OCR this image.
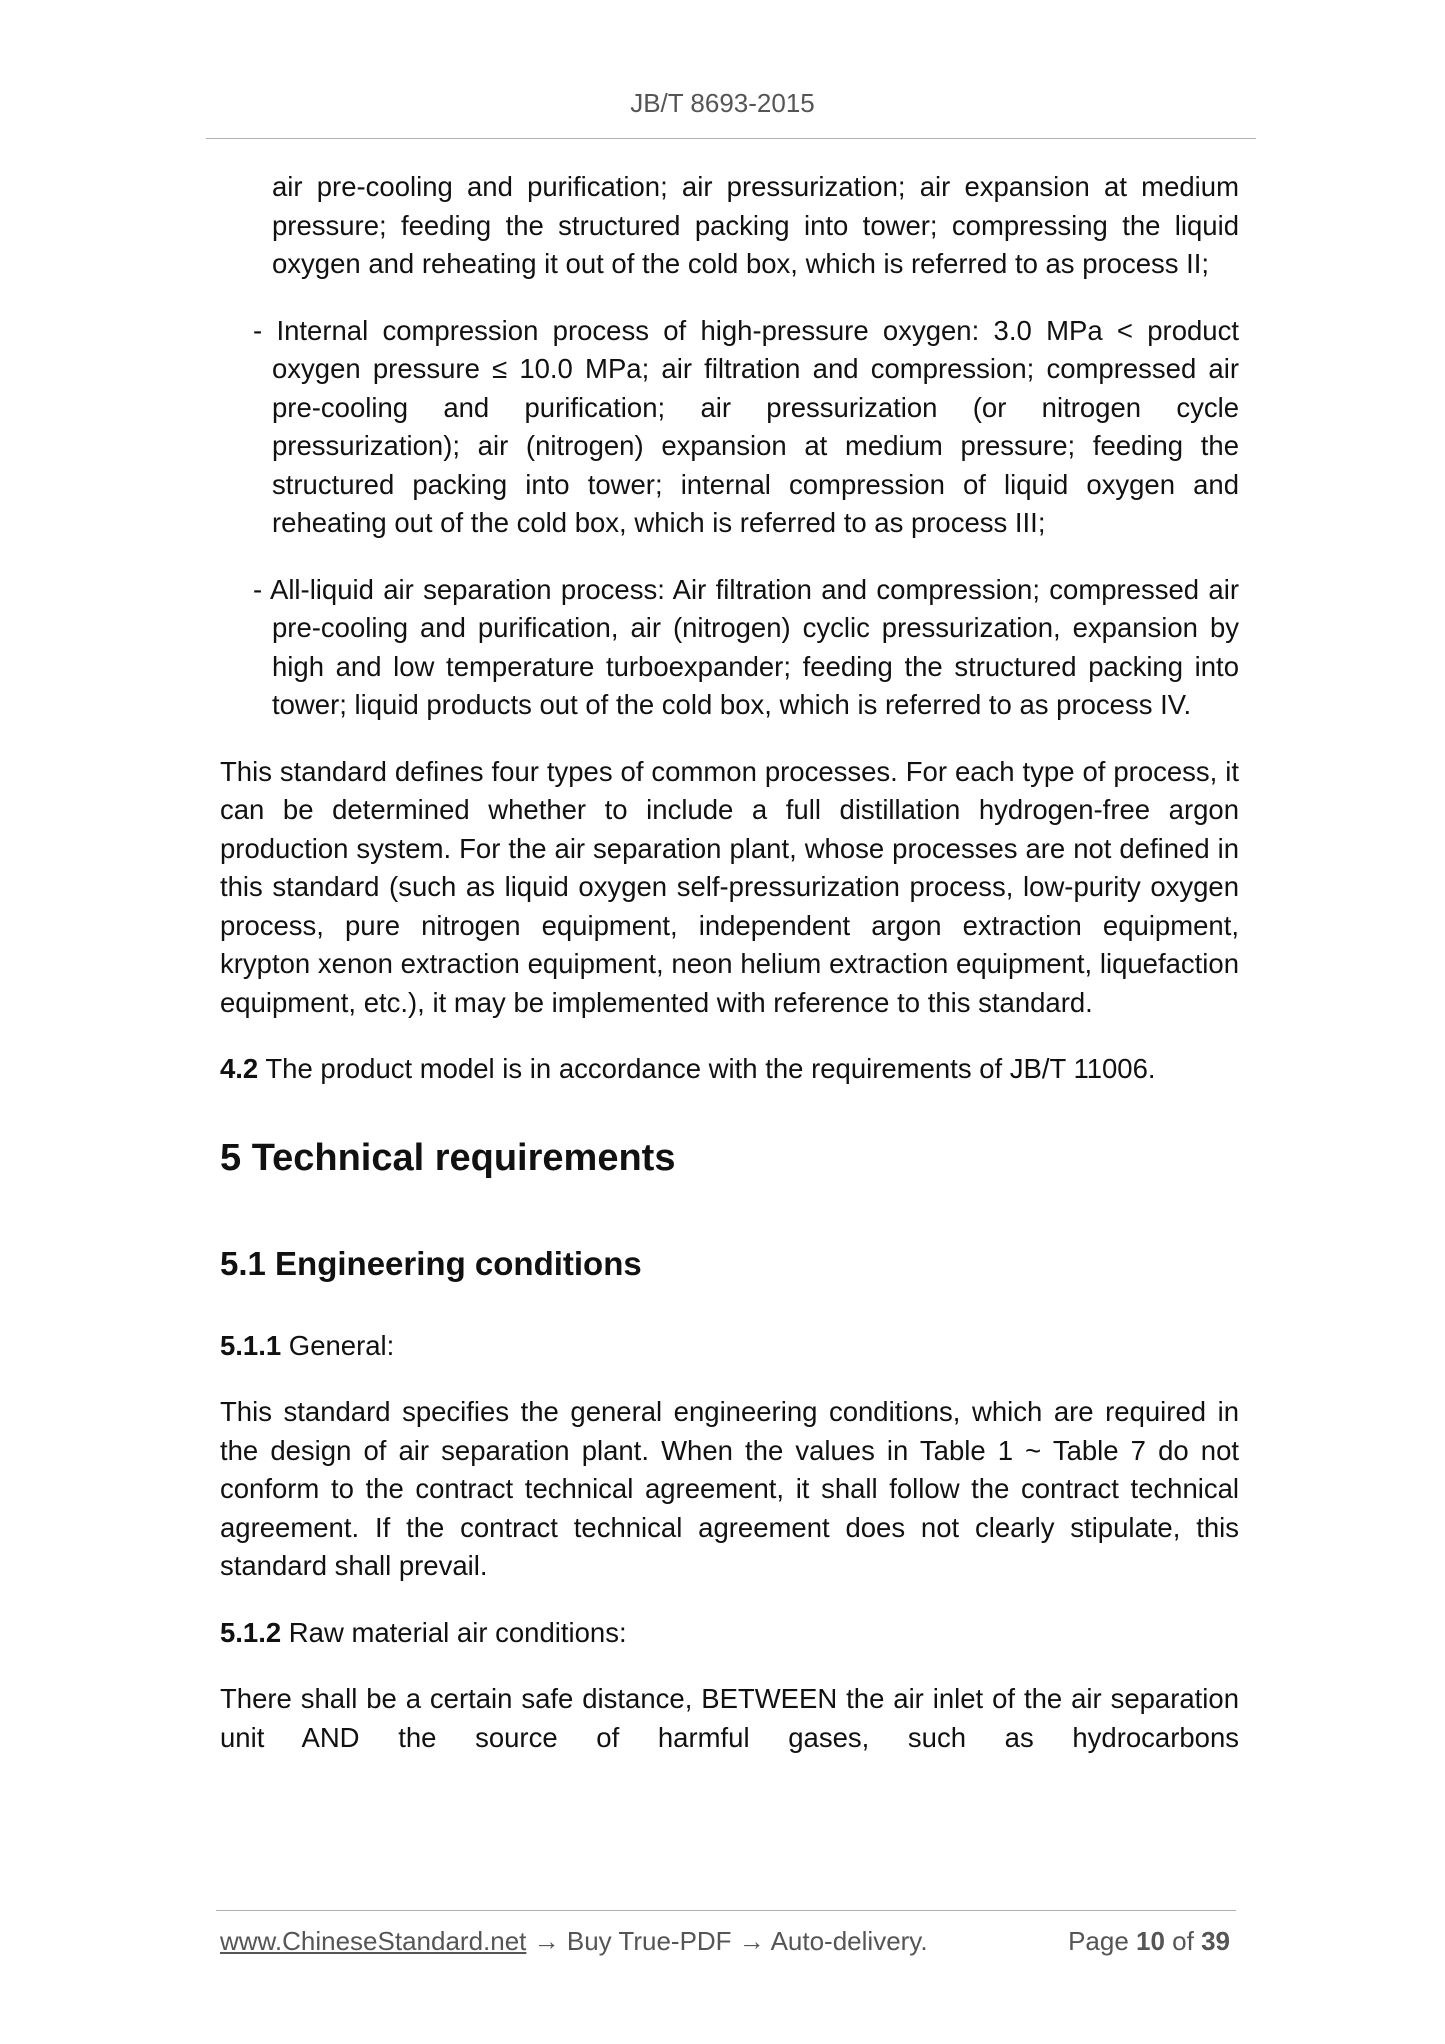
JB/T 8693-2015

air pre-cooling and purification; air pressurization; air expansion at medium pressure; feeding the structured packing into tower; compressing the liquid oxygen and reheating it out of the cold box, which is referred to as process II;

- Internal compression process of high-pressure oxygen: 3.0 MPa < product oxygen pressure ≤ 10.0 MPa; air filtration and compression; compressed air pre-cooling and purification; air pressurization (or nitrogen cycle pressurization); air (nitrogen) expansion at medium pressure; feeding the structured packing into tower; internal compression of liquid oxygen and reheating out of the cold box, which is referred to as process III;

- All-liquid air separation process: Air filtration and compression; compressed air pre-cooling and purification, air (nitrogen) cyclic pressurization, expansion by high and low temperature turboexpander; feeding the structured packing into tower; liquid products out of the cold box, which is referred to as process IV.

This standard defines four types of common processes. For each type of process, it can be determined whether to include a full distillation hydrogen-free argon production system. For the air separation plant, whose processes are not defined in this standard (such as liquid oxygen self-pressurization process, low-purity oxygen process, pure nitrogen equipment, independent argon extraction equipment, krypton xenon extraction equipment, neon helium extraction equipment, liquefaction equipment, etc.), it may be implemented with reference to this standard.

4.2 The product model is in accordance with the requirements of JB/T 11006.

5 Technical requirements
5.1 Engineering conditions

5.1.1 General:

This standard specifies the general engineering conditions, which are required in the design of air separation plant. When the values in Table 1 ~ Table 7 do not conform to the contract technical agreement, it shall follow the contract technical agreement. If the contract technical agreement does not clearly stipulate, this standard shall prevail.

5.1.2 Raw material air conditions:

There shall be a certain safe distance, BETWEEN the air inlet of the air separation unit AND the source of harmful gases, such as hydrocarbons

www.ChineseStandard.net → Buy True-PDF → Auto-delivery.	Page 10 of 39
